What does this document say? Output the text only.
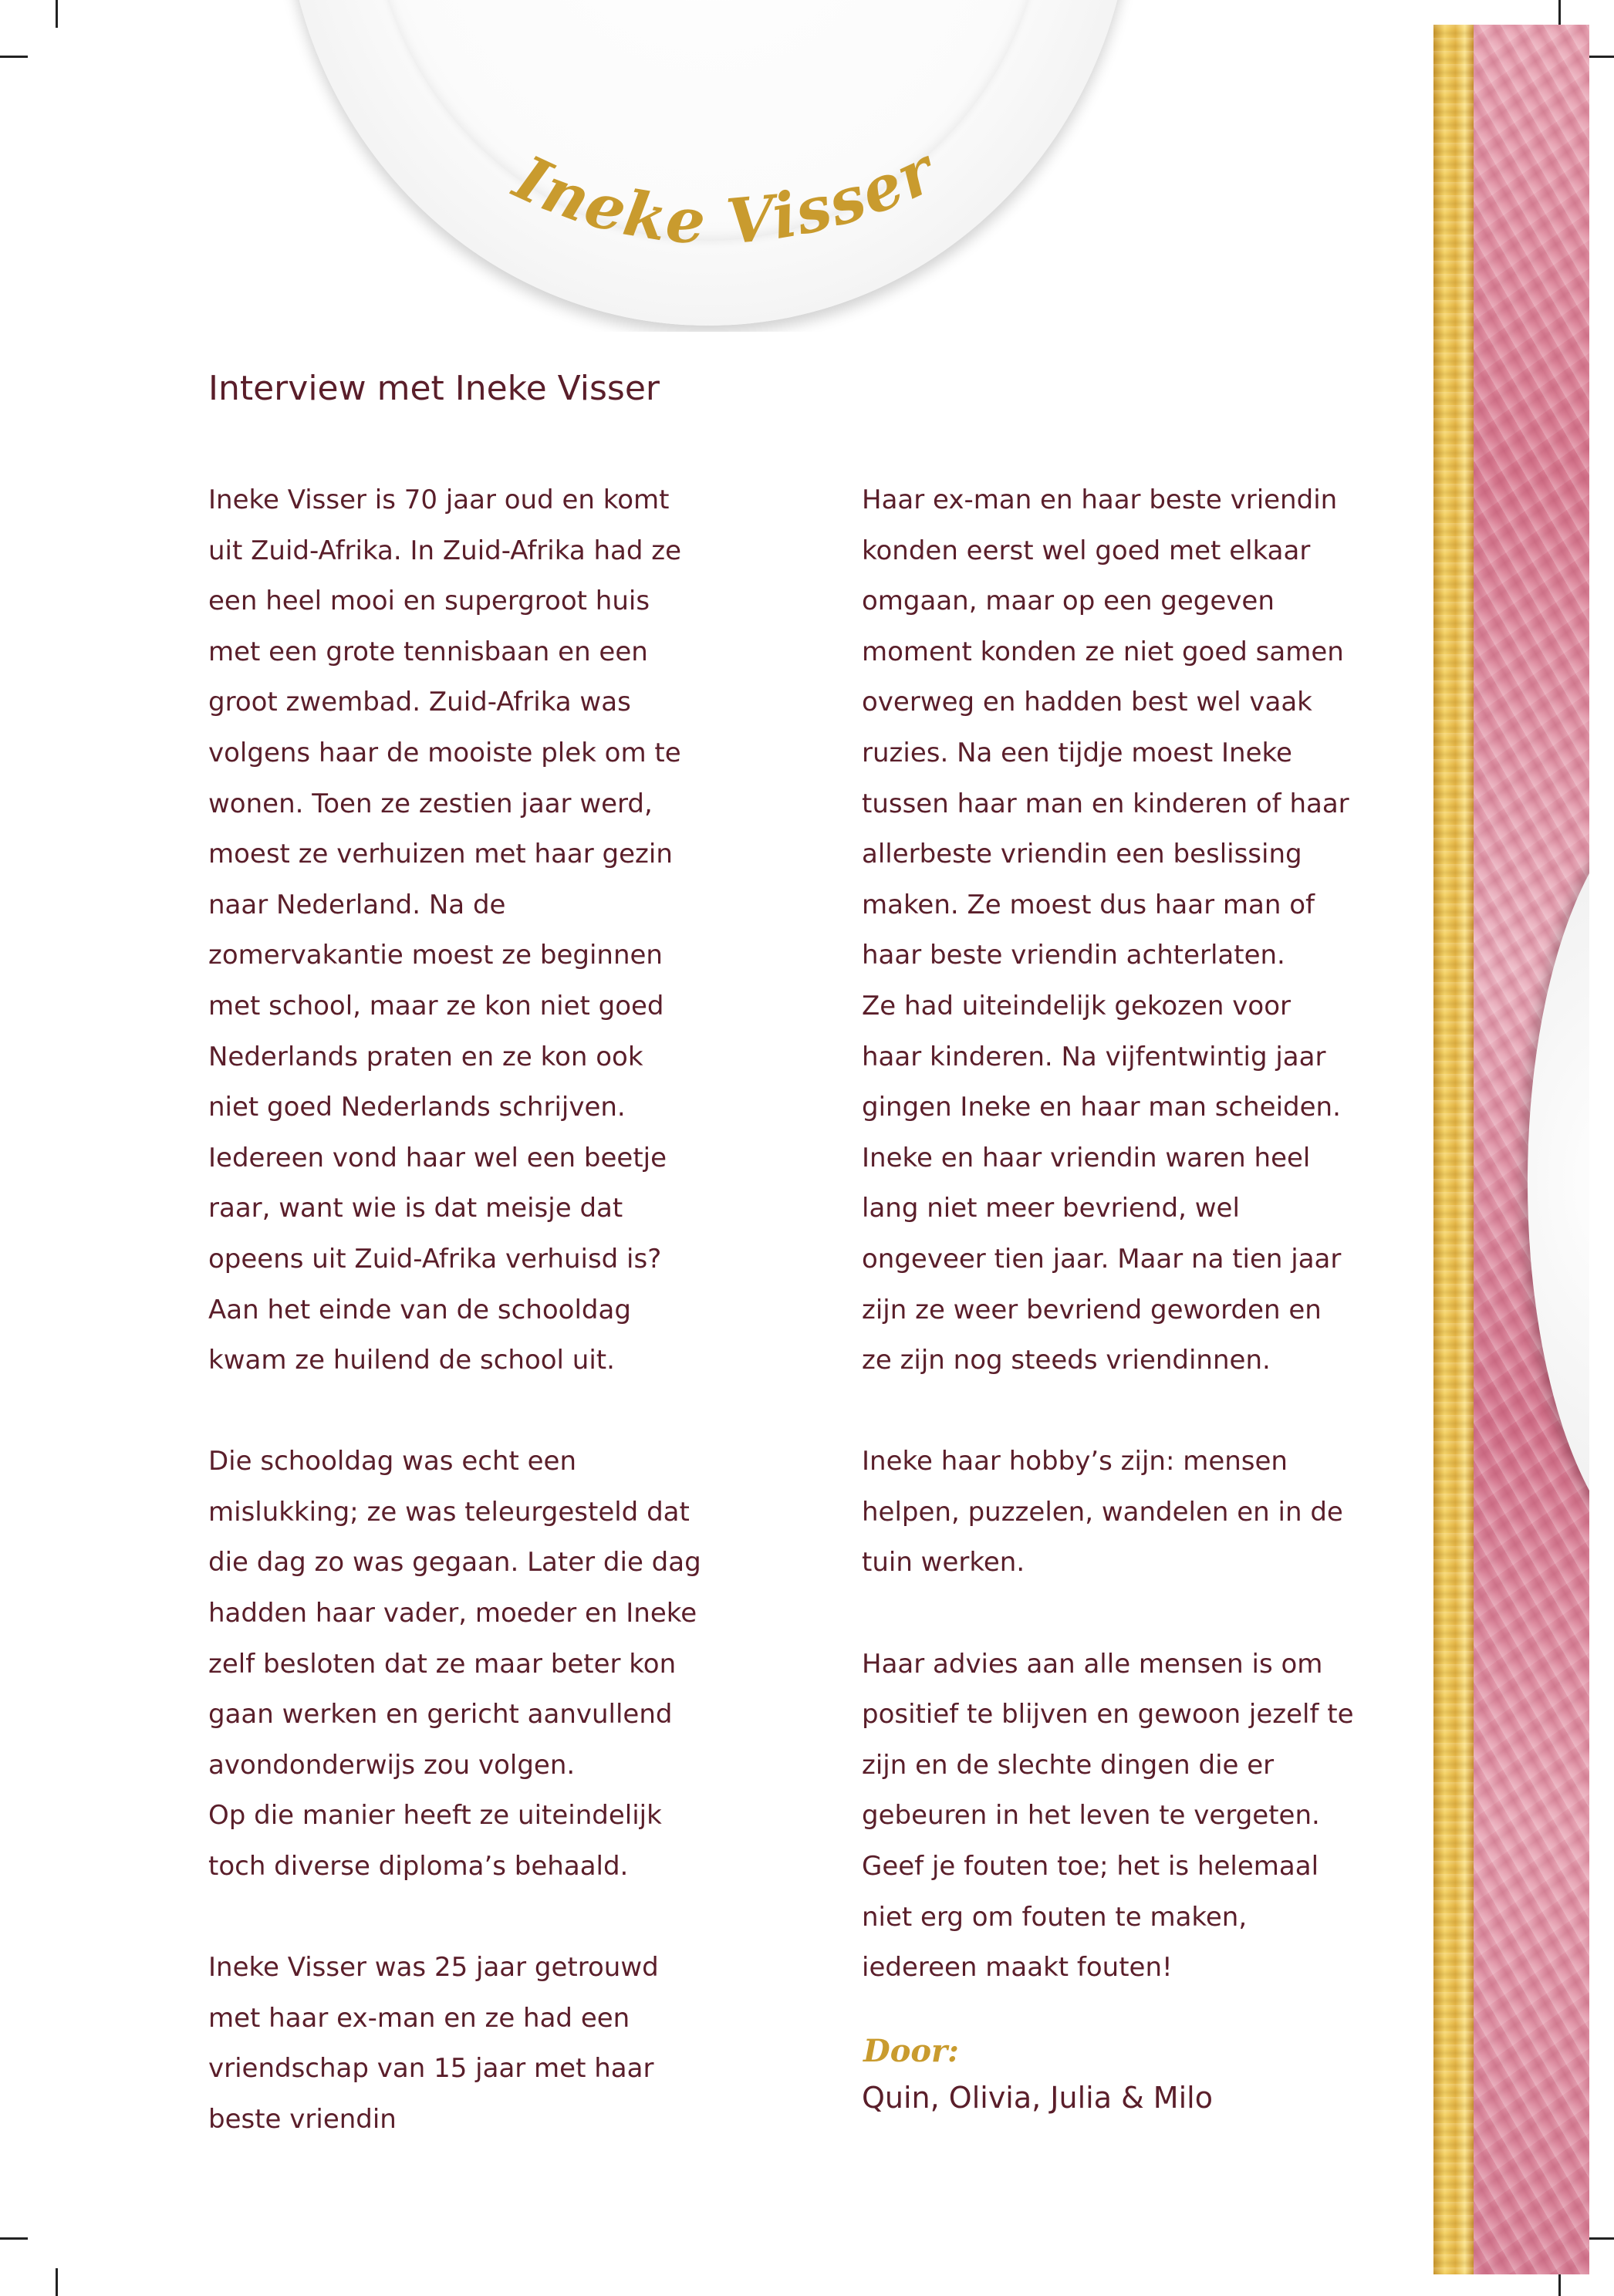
Ineke Visser
Interview met Ineke Visser
Ineke Visser is 70 jaar oud en komt
uit Zuid-Afrika. In Zuid-Afrika had ze
een heel mooi en supergroot huis
met een grote tennisbaan en een
groot zwembad. Zuid-Afrika was
volgens haar de mooiste plek om te
wonen. Toen ze zestien jaar werd,
moest ze verhuizen met haar gezin
naar Nederland. Na de
zomervakantie moest ze beginnen
met school, maar ze kon niet goed
Nederlands praten en ze kon ook
niet goed Nederlands schrijven.
Iedereen vond haar wel een beetje
raar, want wie is dat meisje dat
opeens uit Zuid-Afrika verhuisd is?
Aan het einde van de schooldag
kwam ze huilend de school uit.
Die schooldag was echt een
mislukking; ze was teleurgesteld dat
die dag zo was gegaan. Later die dag
hadden haar vader, moeder en Ineke
zelf besloten dat ze maar beter kon
gaan werken en gericht aanvullend
avondonderwijs zou volgen.
Op die manier heeft ze uiteindelijk
toch diverse diploma’s behaald.
Ineke Visser was 25 jaar getrouwd
met haar ex-man en ze had een
vriendschap van 15 jaar met haar
beste vriendin
Haar ex-man en haar beste vriendin
konden eerst wel goed met elkaar
omgaan, maar op een gegeven
moment konden ze niet goed samen
overweg en hadden best wel vaak
ruzies. Na een tijdje moest Ineke
tussen haar man en kinderen of haar
allerbeste vriendin een beslissing
maken. Ze moest dus haar man of
haar beste vriendin achterlaten.
Ze had uiteindelijk gekozen voor
haar kinderen. Na vijfentwintig jaar
gingen Ineke en haar man scheiden.
Ineke en haar vriendin waren heel
lang niet meer bevriend, wel
ongeveer tien jaar. Maar na tien jaar
zijn ze weer bevriend geworden en
ze zijn nog steeds vriendinnen.
Ineke haar hobby’s zijn: mensen
helpen, puzzelen, wandelen en in de
tuin werken.
Haar advies aan alle mensen is om
positief te blijven en gewoon jezelf te
zijn en de slechte dingen die er
gebeuren in het leven te vergeten.
Geef je fouten toe; het is helemaal
niet erg om fouten te maken,
iedereen maakt fouten!
Door:
Quin, Olivia, Julia & Milo
